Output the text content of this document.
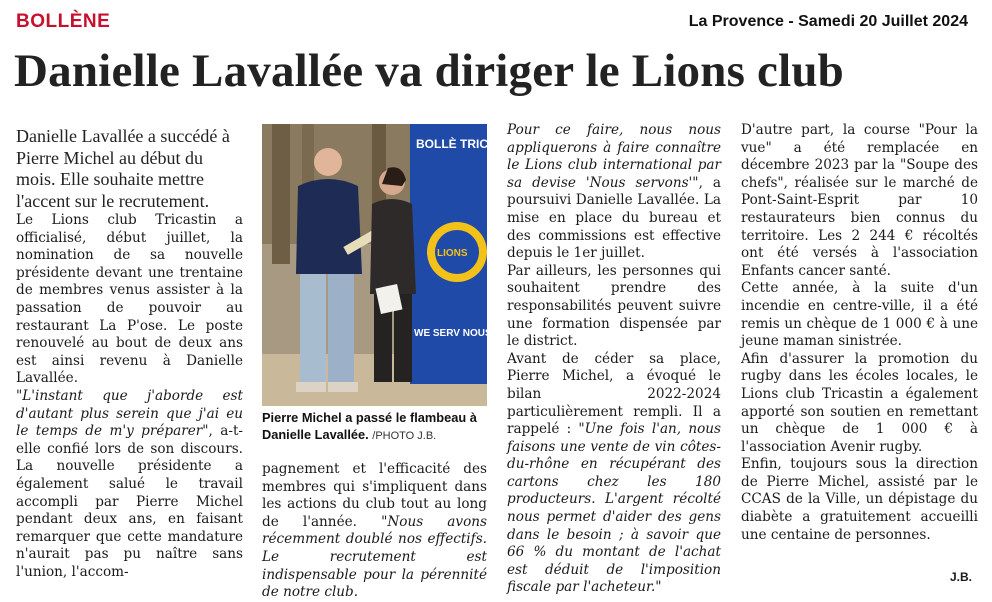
BOLLÈNE	La Provence - Samedi 20 Juillet 2024
Danielle Lavallée va diriger le Lions club

Danielle Lavallée a succédé à Pierre Michel au début du mois. Elle souhaite mettre l'accent sur le recrutement.

Le Lions club Tricastin a officialisé, début juillet, la nomination de sa nouvelle présidente devant une trentaine de membres venus assister à la passation de pouvoir au restaurant La P'ose. Le poste renouvelé au bout de deux ans est ainsi revenu à Danielle Lavallée.

"L'instant que j'aborde est d'autant plus serein que j'ai eu le temps de m'y préparer", a-t-elle confié lors de son discours. La nouvelle présidente a également salué le travail accompli par Pierre Michel pendant deux ans, en faisant remarquer que cette mandature n'aurait pas pu naître sans l'union, l'accom-

BOLLÈ TRICAST
LIONS
WE SERV NOUS SERV
Pierre Michel a passé le flambeau à Danielle Lavallée. /PHOTO J.B.

pagnement et l'efficacité des membres qui s'impliquent dans les actions du club tout au long de l'année. "Nous avons récemment doublé nos effectifs. Le recrutement est indispensable pour la pérennité de notre club.

Pour ce faire, nous nous appliquerons à faire connaître le Lions club international par sa devise 'Nous servons'", a poursuivi Danielle Lavallée. La mise en place du bureau et des commissions est effective depuis le 1er juillet.

Par ailleurs, les personnes qui souhaitent prendre des responsabilités peuvent suivre une formation dispensée par le district.

Avant de céder sa place, Pierre Michel, a évoqué le bilan 2022-2024 particulièrement rempli. Il a rappelé : "Une fois l'an, nous faisons une vente de vin côtes-du-rhône en récupérant des cartons chez les 180 producteurs. L'argent récolté nous permet d'aider des gens dans le besoin ; à savoir que 66 % du montant de l'achat est déduit de l'imposition fiscale par l'acheteur."

D'autre part, la course "Pour la vue" a été remplacée en décembre 2023 par la "Soupe des chefs", réalisée sur le marché de Pont-Saint-Esprit par 10 restaurateurs bien connus du territoire. Les 2 244 € récoltés ont été versés à l'association Enfants cancer santé.

Cette année, à la suite d'un incendie en centre-ville, il a été remis un chèque de 1 000 € à une jeune maman sinistrée.

Afin d'assurer la promotion du rugby dans les écoles locales, le Lions club Tricastin a également apporté son soutien en remettant un chèque de 1 000 € à l'association Avenir rugby.

Enfin, toujours sous la direction de Pierre Michel, assisté par le CCAS de la Ville, un dépistage du diabète a gratuitement accueilli une centaine de personnes.

J.B.
